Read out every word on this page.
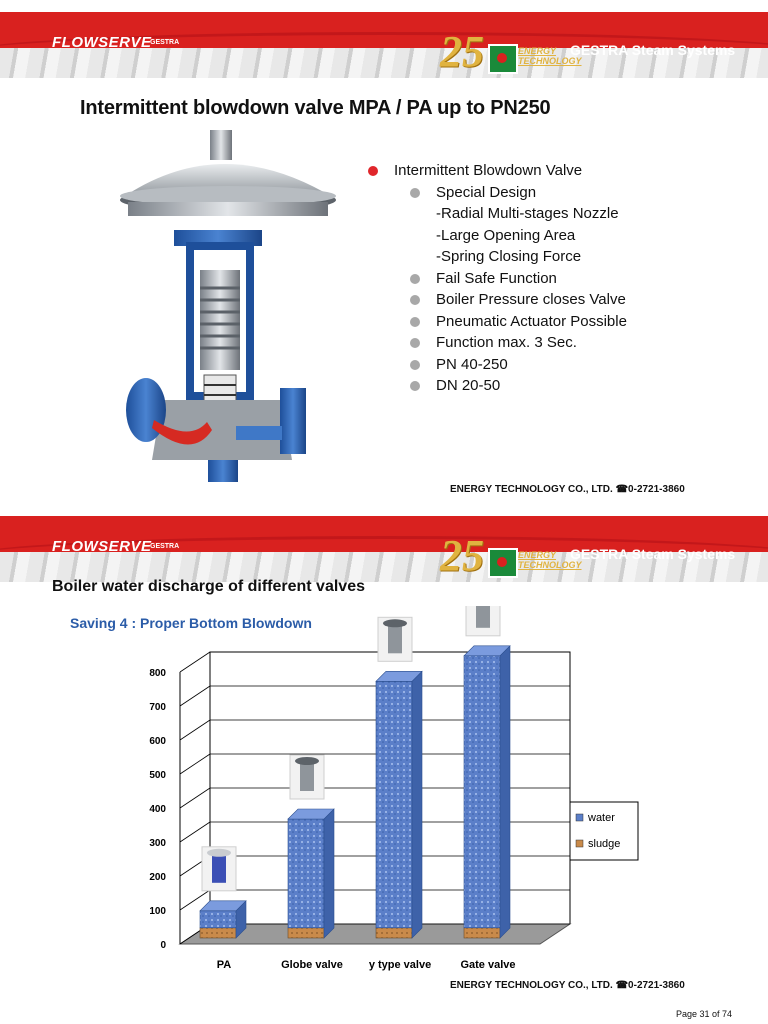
FLOWSERVE
GESTRA	25	ENERGY
TECHNOLOGY
GESTRA Steam Systems
Intermittent blowdown valve MPA / PA up to PN250
Intermittent Blowdown Valve
Special Design
-Radial Multi-stages Nozzle
-Large Opening Area
-Spring Closing Force
Fail Safe Function
Boiler Pressure closes Valve
Pneumatic Actuator Possible
Function max. 3 Sec.
PN 40-250
DN 20-50
ENERGY TECHNOLOGY CO., LTD. ☎0-2721-3860
FLOWSERVE
GESTRA	25	ENERGY
TECHNOLOGY
GESTRA Steam Systems
Boiler water discharge of different valves
Saving 4 : Proper Bottom Blowdown
0
100
200
300
400
500
600
700
800
PA	Globe valve y type valve	Gate valve
water
sludge
ENERGY TECHNOLOGY CO., LTD. ☎0-2721-3860
Page 31 of 74
